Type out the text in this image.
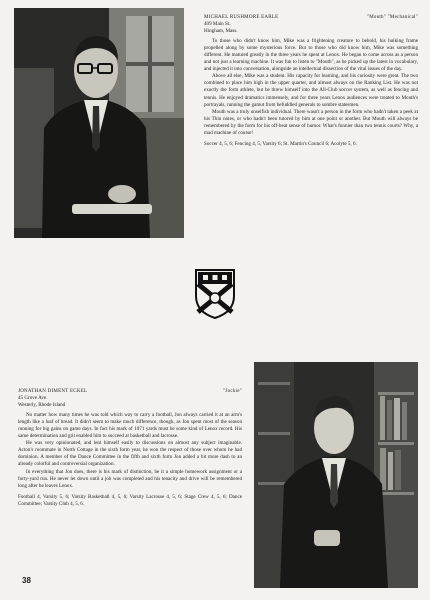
MICHAEL RUSHMORE EARLE	"Mouth" "Mechanical"

409 Main St.

Hingham, Mass.

To those who didn't know him, Mike was a frightening creature to behold, his hulking frame propelled along by some mysterious force. But to those who did know him, Mike was something different. He matured greatly in the three years he spent at Lenox. He began to come across as a person and not just a learning machine. It was fun to listen to "Mouth", as he picked up the latest in vocabulary, and injected it into conversation, alongside an intellectual dissection of the vital issues of the day.

Above all else, Mike was a student. His capacity for learning, and his curiosity were great. The two combined to place him high in the upper quarter, and almost always on the Ranking List. He was not exactly the form athlete, but he threw himself into the All-Club soccer system, as well as fencing and tennis. He enjoyed dramatics immensely, and for three years Lenox audiences were treated to Mouth's portrayals, running the gamut from befuddled generals to sombre statesmen.

Mouth was a truly unselfish individual. There wasn't a person in the form who hadn't taken a peek at his Thin notes, or who hadn't been tutored by him at one point or another. But Mouth will always be remembered by the form for his off-beat sense of humor. What's funnier than two tennis courts? Why, a mad machine of course!

Soccer 4, 5, 6; Fencing 4, 5, Varsity 6; St. Martin's Council 6; Acolyte 5, 6.

JONATHAN DIMENT ECKEL	"Jockie"

45 Grove Ave.

Westerly, Rhode Island

No matter how many times he was told which way to carry a football, Jon always carried it at an arm's length like a loaf of bread. It didn't seem to make much difference, though, as Jon spent most of the season running for big gains on game days. In fact his mark of 1071 yards must be some kind of Lenox record. His same determination and grit enabled him to succeed at basketball and lacrosse.

He was very opinionated, and lent himself easily to discussions on almost any subject imaginable. Acton's roommate in North Cottage in the sixth form year, he won the respect of those over whom he had dominion. A member of the Dance Committee in the fifth and sixth form Jon added a bit more dash to an already colorful and controversial organization.

In everything that Jon does, there is his mark of distinction, be it a simple homework assignment or a forty-yard run. He never let down until a job was completed and his tenacity and drive will be remembered long after he leaves Lenox.

Football 4, Varsity 5, 6; Varsity Basketball 4, 5, 6; Varsity Lacrosse 4, 5, 6; Stage Crew 4, 5, 6; Dance Committee; Varsity Club 4, 5, 6.

38
